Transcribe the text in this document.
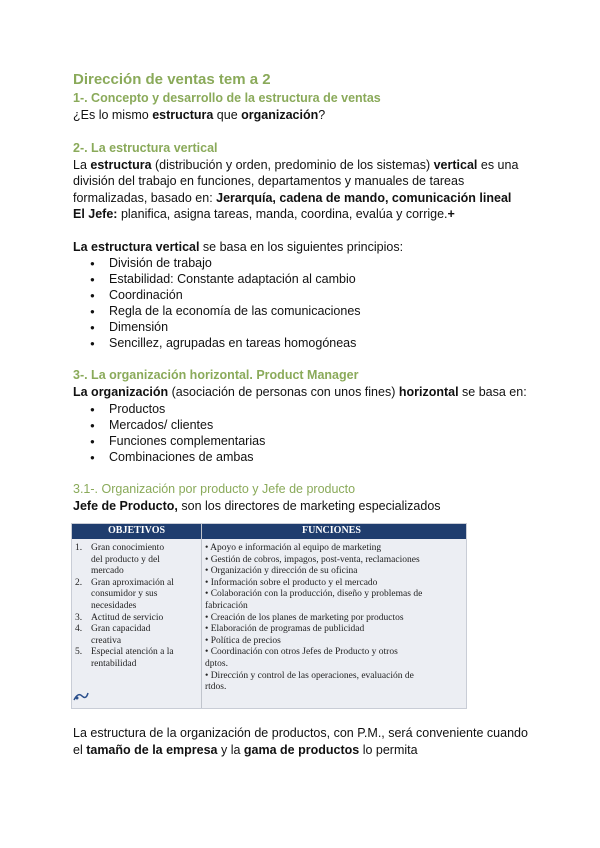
Dirección de ventas tem a 2
1-. Concepto y desarrollo de la estructura de ventas

¿Es lo mismo estructura que organización?

2-. La estructura vertical

La estructura (distribución y orden, predominio de los sistemas) vertical es una división del trabajo en funciones, departamentos y manuales de tareas formalizadas, basado en: Jerarquía, cadena de mando, comunicación lineal

El Jefe: planifica, asigna tareas, manda, coordina, evalúa y corrige.+

La estructura vertical se basa en los siguientes principios:

● División de trabajo
● Estabilidad: Constante adaptación al cambio
● Coordinación
● Regla de la economía de las comunicaciones
● Dimensión
● Sencillez, agrupadas en tareas homogóneas
3-. La organización horizontal. Product Manager

La organización (asociación de personas con unos fines) horizontal se basa en:

● Productos
● Mercados/ clientes
● Funciones complementarias
● Combinaciones de ambas
3.1-. Organización por producto y Jefe de producto

Jefe de Producto, son los directores de marketing especializados

OBJETIVOS	FUNCIONES
1. Gran conocimiento
del producto y del
mercado
2. Gran aproximación al
consumidor y sus
necesidades
3. Actitud de servicio
4. Gran capacidad
creativa
5. Especial atención a la
rentabilidad
• Apoyo e información al equipo de marketing
• Gestión de cobros, impagos, post-venta, reclamaciones
• Organización y dirección de su oficina
• Información sobre el producto y el mercado
• Colaboración con la producción, diseño y problemas de
fabricación
• Creación de los planes de marketing por productos
• Elaboración de programas de publicidad
• Política de precios
• Coordinación con otros Jefes de Producto y otros
dptos.
• Dirección y control de las operaciones, evaluación de
rtdos.

La estructura de la organización de productos, con P.M., será conveniente cuando el tamaño de la empresa y la gama de productos lo permita
